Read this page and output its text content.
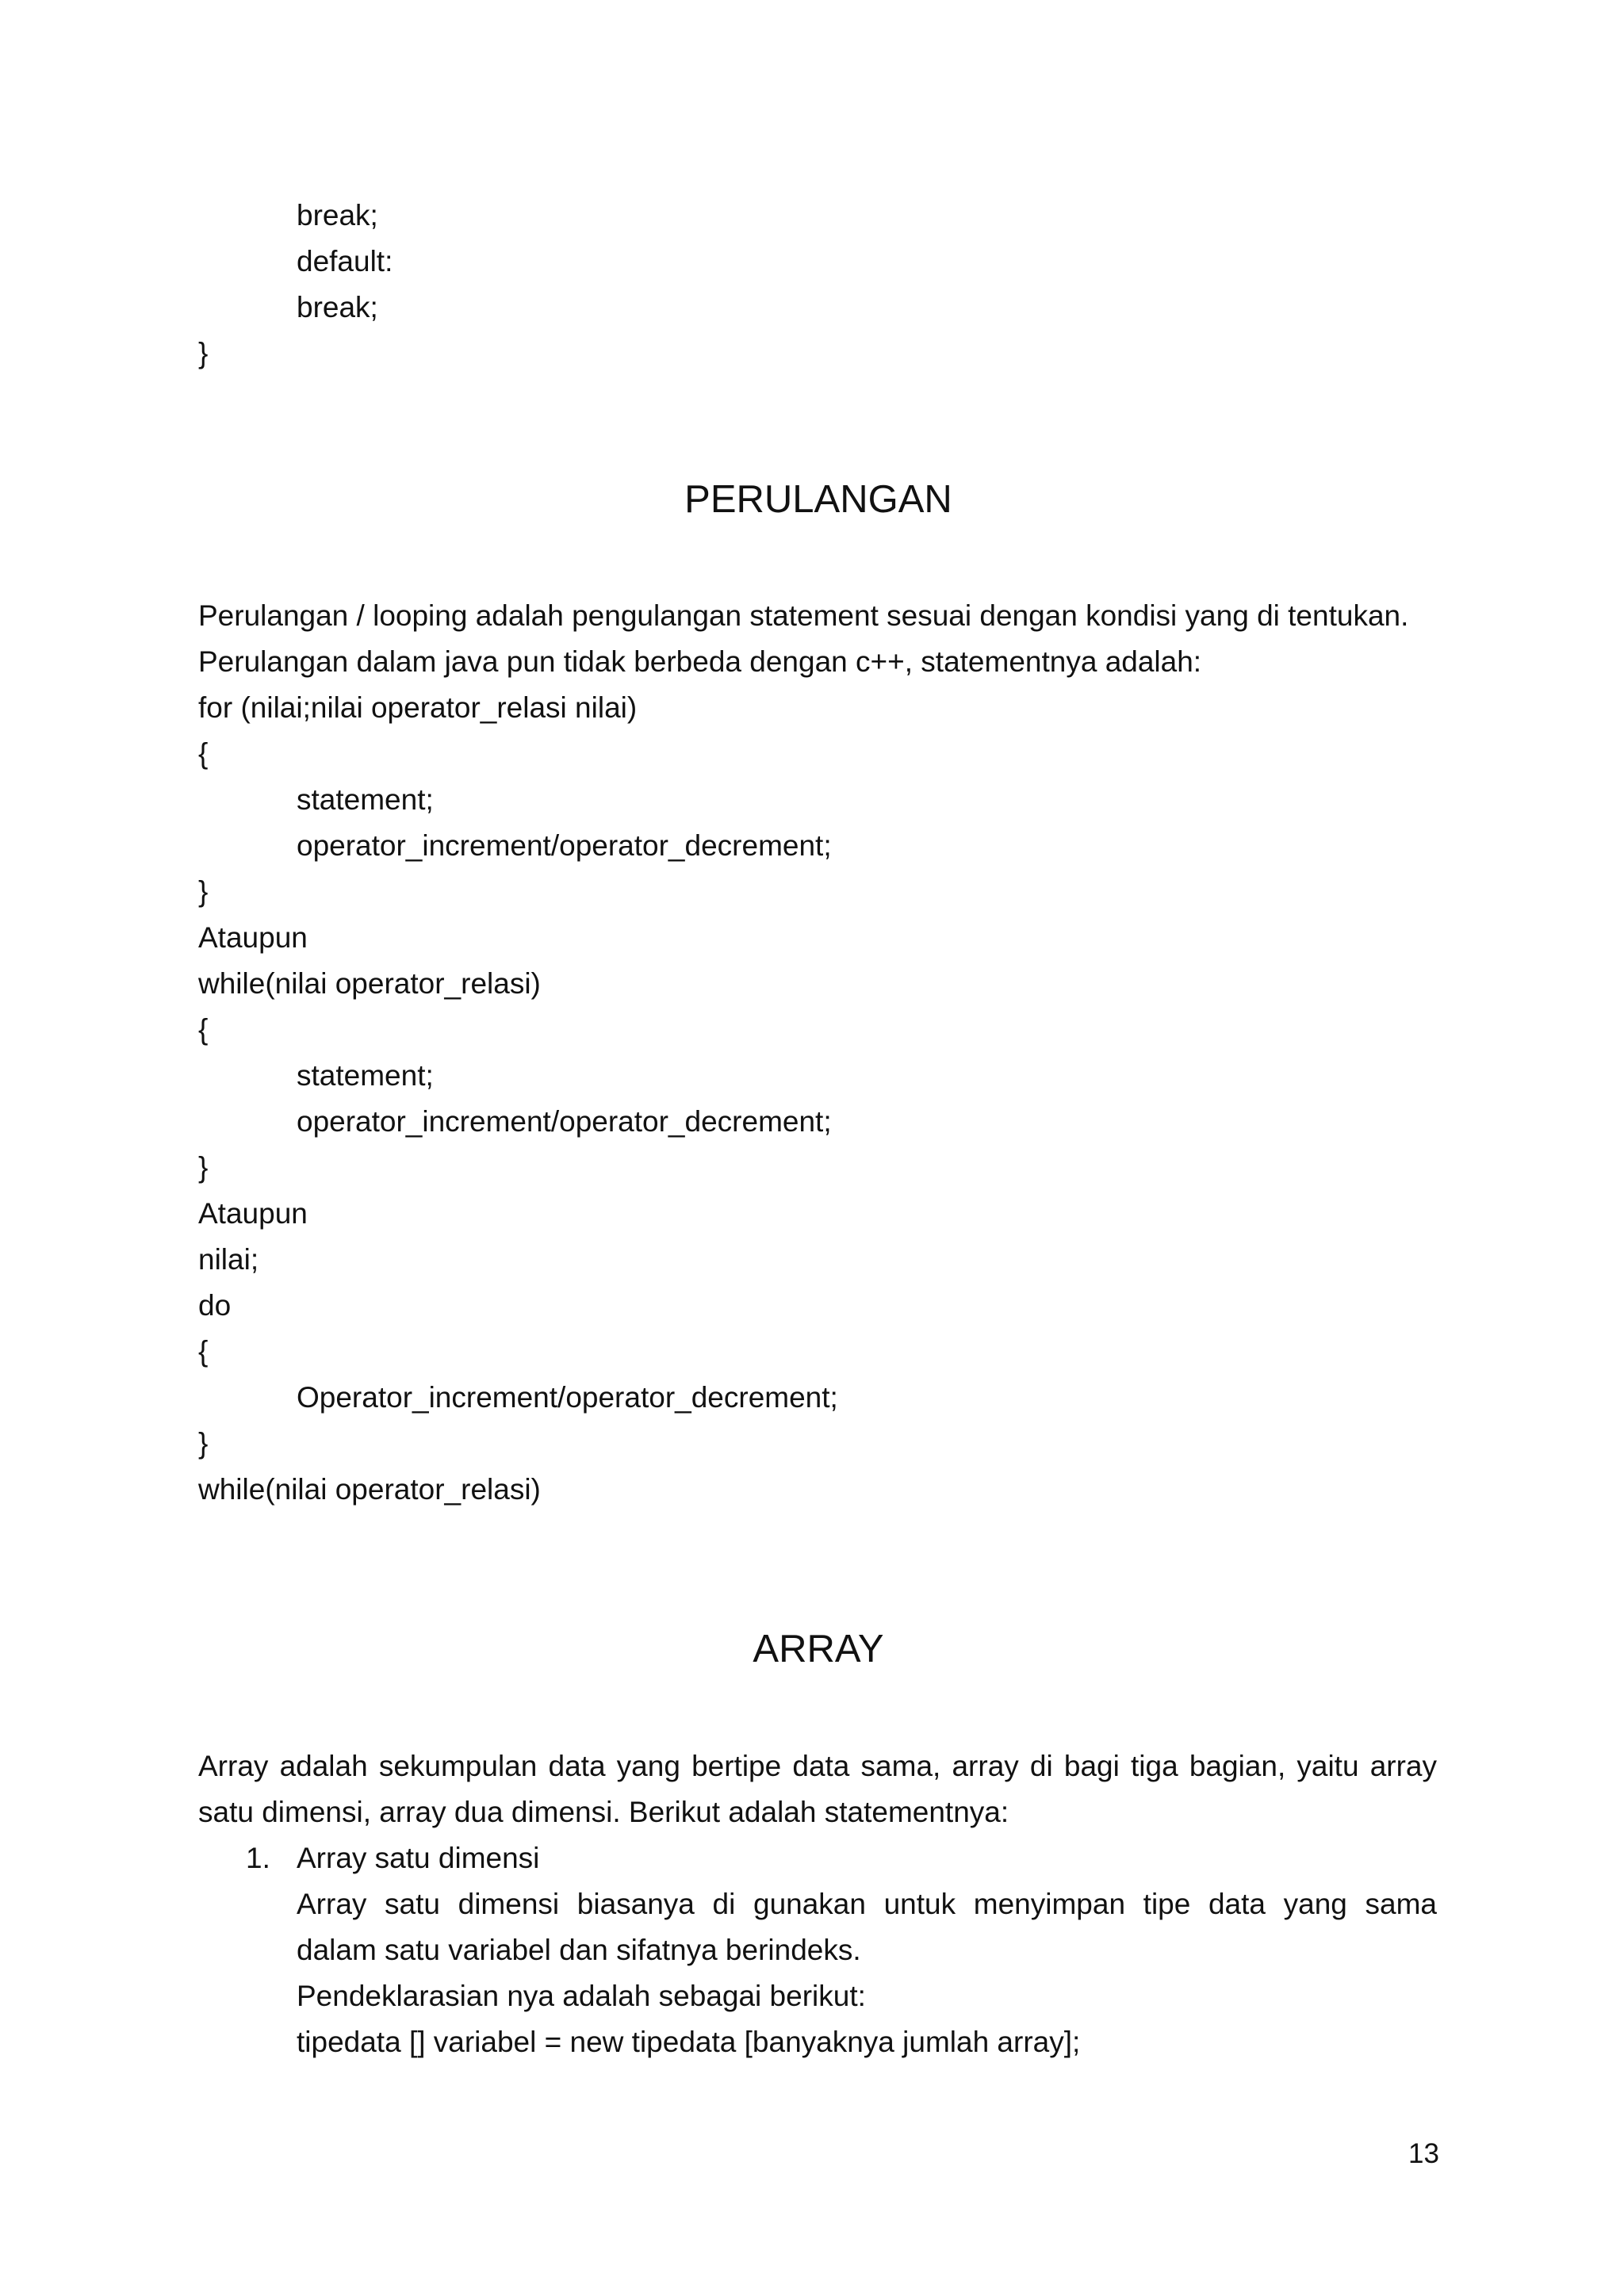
break;
default:
break;
}
PERULANGAN
Perulangan / looping adalah pengulangan statement sesuai dengan kondisi yang di tentukan.
Perulangan dalam java pun tidak berbeda dengan c++, statementnya adalah:
for (nilai;nilai operator_relasi nilai)
{
statement;
operator_increment/operator_decrement;
}
Ataupun
while(nilai operator_relasi)
{
statement;
operator_increment/operator_decrement;
}
Ataupun
nilai;
do
{
Operator_increment/operator_decrement;
}
while(nilai operator_relasi)
ARRAY
Array adalah sekumpulan data yang bertipe data sama, array di bagi tiga bagian, yaitu array
satu dimensi, array dua dimensi. Berikut adalah statementnya:
1. Array satu dimensi
Array satu dimensi biasanya di gunakan untuk menyimpan tipe data yang sama
dalam satu variabel dan sifatnya berindeks.
Pendeklarasian nya adalah sebagai berikut:
tipedata [] variabel = new tipedata [banyaknya jumlah array];
13
